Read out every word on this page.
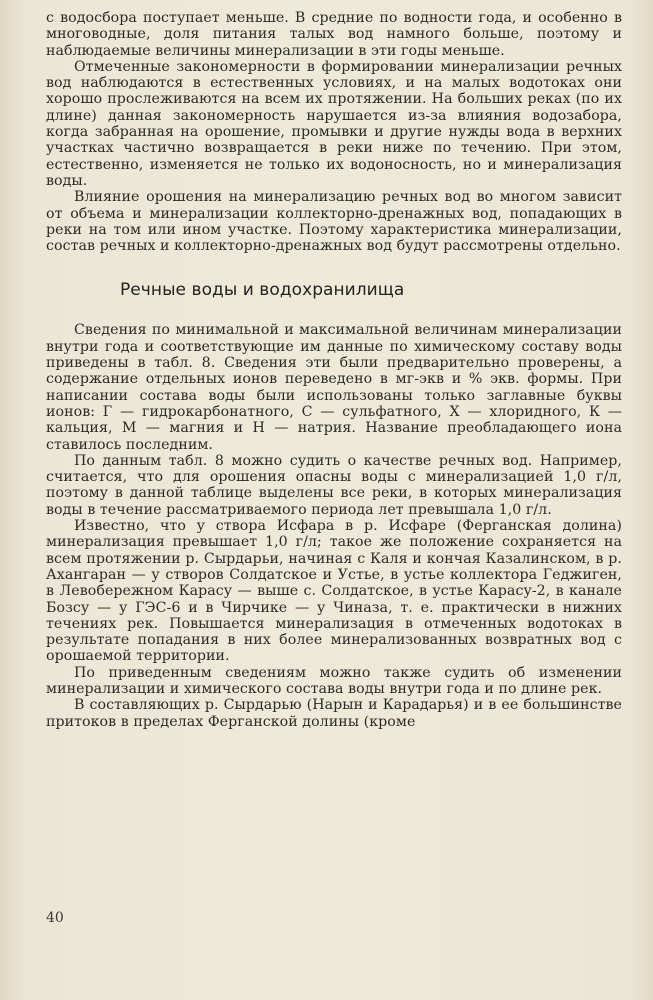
с водосбора поступает меньше. В средние по водности года, и особенно в многоводные, доля питания талых вод намного больше, поэтому и наблюдаемые величины минерализации в эти годы меньше.

Отмеченные закономерности в формировании минерализации речных вод наблюдаются в естественных условиях, и на малых водотоках они хорошо прослеживаются на всем их протяжении. На больших реках (по их длине) данная закономерность нарушается из-за влияния водозабора, когда забранная на орошение, промывки и другие нужды вода в верхних участках частично возвращается в реки ниже по течению. При этом, естественно, изменяется не только их водоносность, но и минерализация воды.

Влияние орошения на минерализацию речных вод во многом зависит от объема и минерализации коллекторно-дренажных вод, попадающих в реки на том или ином участке. Поэтому характеристика минерализации, состав речных и коллекторно-дренажных вод будут рассмотрены отдельно.

Речные воды и водохранилища

Сведения по минимальной и максимальной величинам минерализации внутри года и соответствующие им данные по химическому составу воды приведены в табл. 8. Сведения эти были предварительно проверены, а содержание отдельных ионов переведено в мг-экв и % экв. формы. При написании состава воды были использованы только заглавные буквы ионов: Г — гидрокарбонатного, С — сульфатного, Х — хлоридного, К — кальция, М — магния и Н — натрия. Название преобладающего иона ставилось последним.

По данным табл. 8 можно судить о качестве речных вод. Например, считается, что для орошения опасны воды с минерализацией 1,0 г/л, поэтому в данной таблице выделены все реки, в которых минерализация воды в течение рассматриваемого периода лет превышала 1,0 г/л.

Известно, что у створа Исфара в р. Исфаре (Ферганская долина) минерализация превышает 1,0 г/л; такое же положение сохраняется на всем протяжении р. Сырдарьи, начиная с Каля и кончая Казалинском, в р. Ахангаран — у створов Солдатское и Устье, в устье коллектора Геджиген, в Левобережном Карасу — выше с. Солдатское, в устье Карасу-2, в канале Бозсу — у ГЭС-6 и в Чирчике — у Чиназа, т. е. практически в нижних течениях рек. Повышается минерализация в отмеченных водотоках в результате попадания в них более минерализованных возвратных вод с орошаемой территории.

По приведенным сведениям можно также судить об изменении минерализации и химического состава воды внутри года и по длине рек.

В составляющих р. Сырдарью (Нарын и Карадарья) и в ее большинстве притоков в пределах Ферганской долины (кроме

40
